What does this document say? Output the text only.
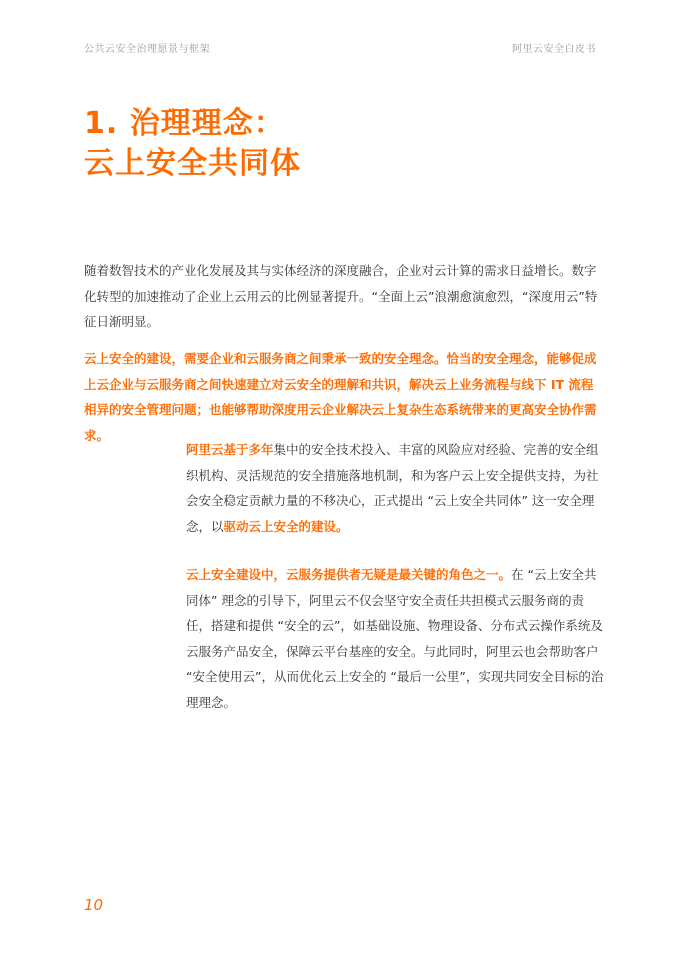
公共云安全治理愿景与框架	阿里云安全白皮书
1. 治理理念：
云上安全共同体

随着数智技术的产业化发展及其与实体经济的深度融合，企业对云计算的需求日益增长。数字化转型的加速推动了企业上云用云的比例显著提升。“全面上云”浪潮愈演愈烈，“深度用云”特征日渐明显。

云上安全的建设，需要企业和云服务商之间秉承一致的安全理念。恰当的安全理念，能够促成上云企业与云服务商之间快速建立对云安全的理解和共识，解决云上业务流程与线下 IT 流程相异的安全管理问题；也能够帮助深度用云企业解决云上复杂生态系统带来的更高安全协作需求。

阿里云基于多年集中的安全技术投入、丰富的风险应对经验、完善的安全组织机构、灵活规范的安全措施落地机制，和为客户云上安全提供支持，为社会安全稳定贡献力量的不移决心，正式提出 “云上安全共同体” 这一安全理念，以驱动云上安全的建设。

云上安全建设中，云服务提供者无疑是最关键的角色之一。在 “云上安全共同体” 理念的引导下，阿里云不仅会坚守安全责任共担模式云服务商的责任，搭建和提供 “安全的云”，如基础设施、物理设备、分布式云操作系统及云服务产品安全，保障云平台基座的安全。与此同时，阿里云也会帮助客户 “安全使用云”，从而优化云上安全的 “最后一公里”，实现共同安全目标的治理理念。

10
